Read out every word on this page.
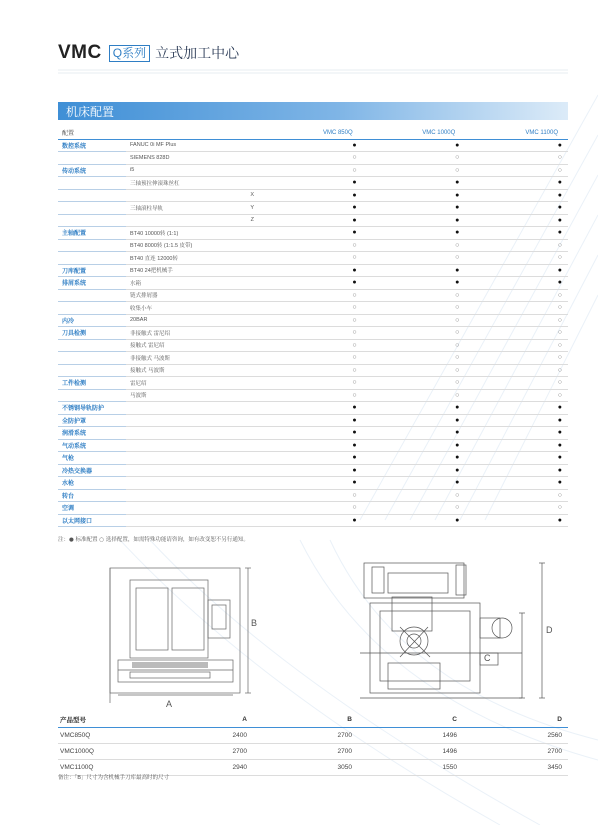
VMC Q系列 立式加工中心
机床配置
配置			VMC 850Q	VMC 1000Q	VMC 1100Q
数控系统	FANUC 0i MF Plus		●	●	●
	SIEMENS 828D		○	○	○
传动系统	i5		○	○	○
	三轴预拉伸滚珠丝杠		●	●	●
		X	●	●	●
	三轴滚柱导轨	Y	●	●	●
		Z	●	●	●
主轴配置	BT40 10000转 (1:1)		●	●	●
	BT40 8000转 (1:1.5 皮带)		○	○	○
	BT40 直连 12000转		○	○	○
刀库配置	BT40 24把机械手		●	●	●
排屑系统	水箱		●	●	●
	链式排屑器		○	○	○
	收集小车		○	○	○
内冷	20BAR		○	○	○
刀具检测	非接触式 雷尼绍		○	○	○
	接触式 雷尼绍		○	○	○
	非接触式 马波斯		○	○	○
	接触式 马波斯		○	○	○
工件检测	雷尼绍		○	○	○
	马波斯		○	○	○
不锈钢导轨防护			●	●	●
全防护罩			●	●	●
润滑系统			●	●	●
气动系统			●	●	●
气枪			●	●	●
冷热交换器			●	●	●
水枪			●	●	●
转台			○	○	○
空调			○	○	○
以太网接口			●	●	●
注：● 标准配置 ○ 选择配置，如需特殊功能请咨询，如有改变恕不另行通知。
A
B
C
D
产品型号	A	B	C	D
VMC850Q	2400	2700	1496	2560
VMC1000Q	2700	2700	1496	2700
VMC1100Q	2940	3050	1550	3450
备注：「B」尺寸为含机械手刀库最高时的尺寸
